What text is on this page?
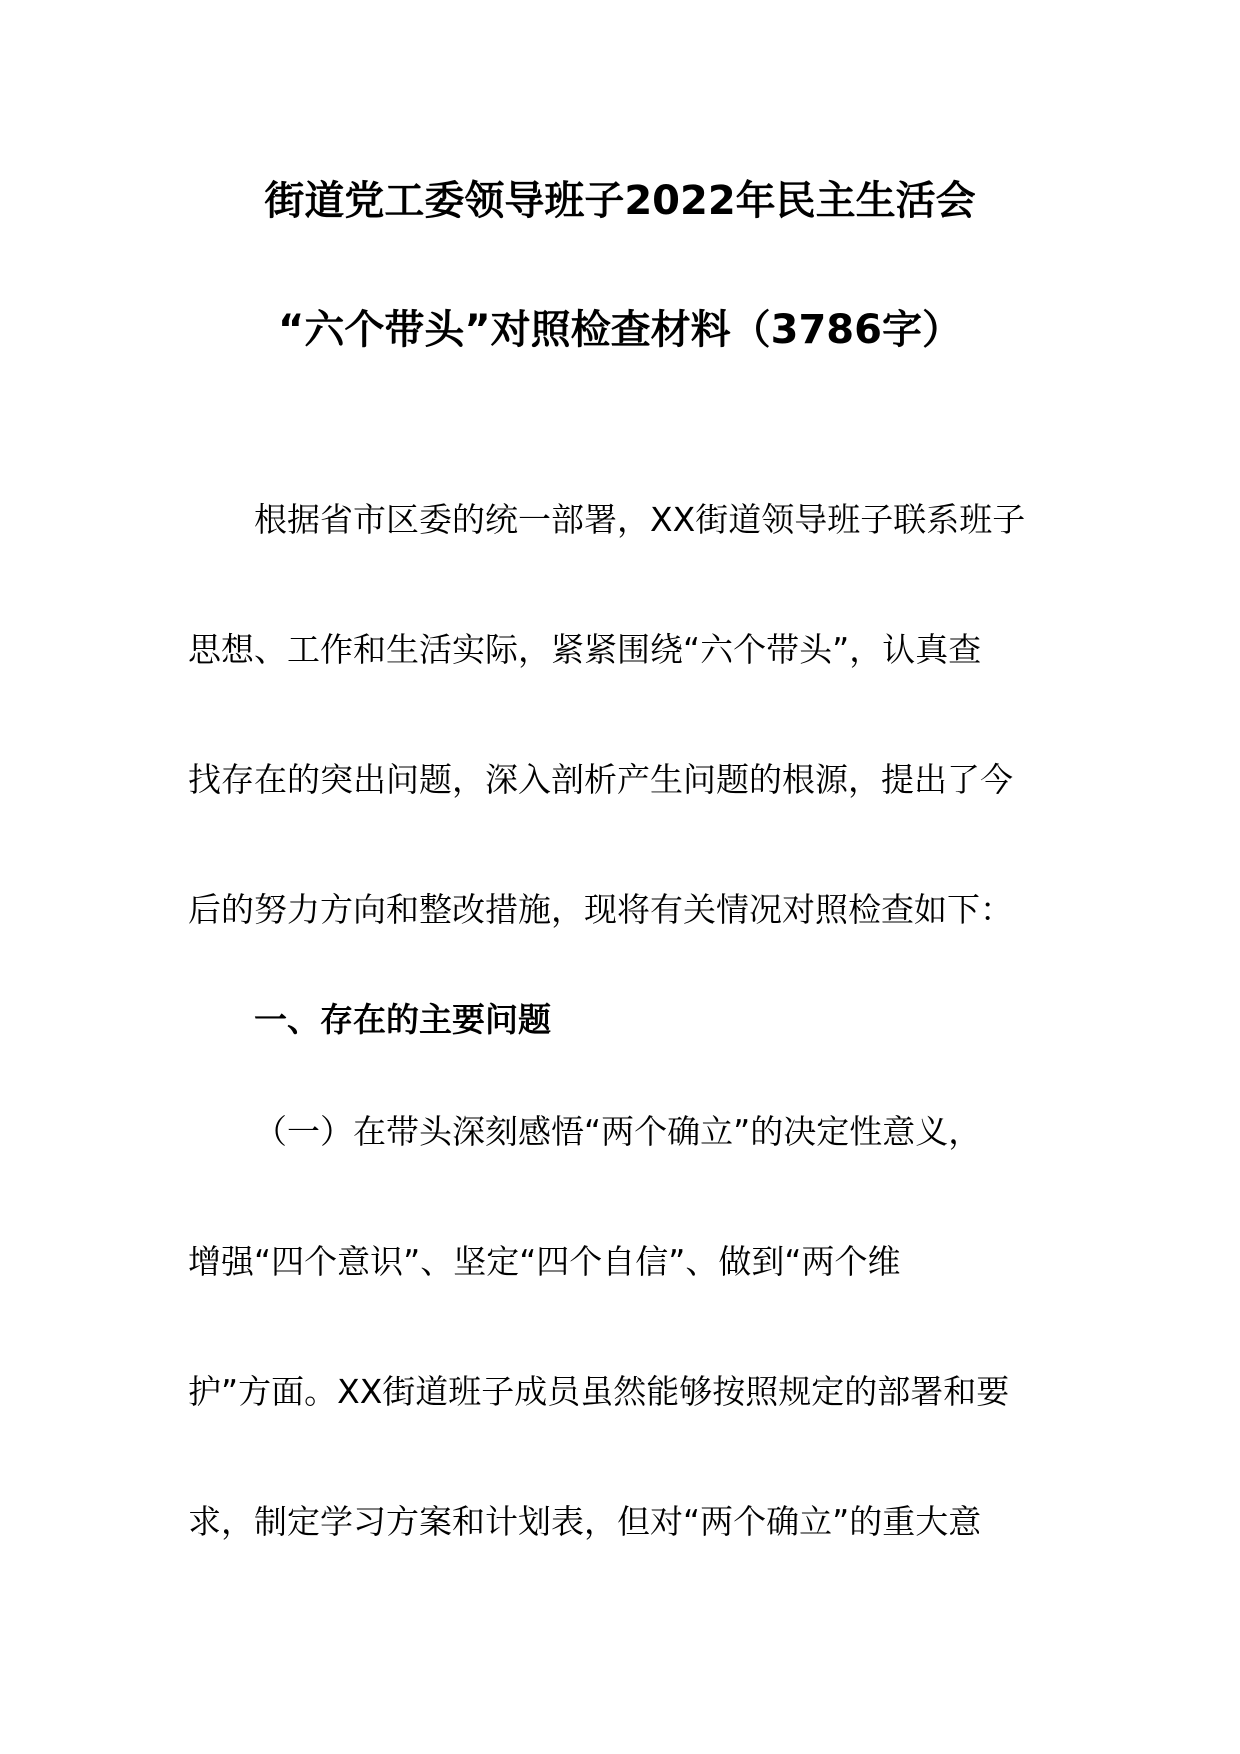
街道党工委领导班子2022年民主生活会
“六个带头”对照检查材料（3786字）
根据省市区委的统一部署，XX街道领导班子联系班子
思想、工作和生活实际，紧紧围绕“六个带头”，认真查
找存在的突出问题，深入剖析产生问题的根源，提出了今
后的努力方向和整改措施，现将有关情况对照检查如下：
一、存在的主要问题
（一）在带头深刻感悟“两个确立”的决定性意义，
增强“四个意识”、坚定“四个自信”、做到“两个维
护”方面。XX街道班子成员虽然能够按照规定的部署和要
求，制定学习方案和计划表，但对“两个确立”的重大意
